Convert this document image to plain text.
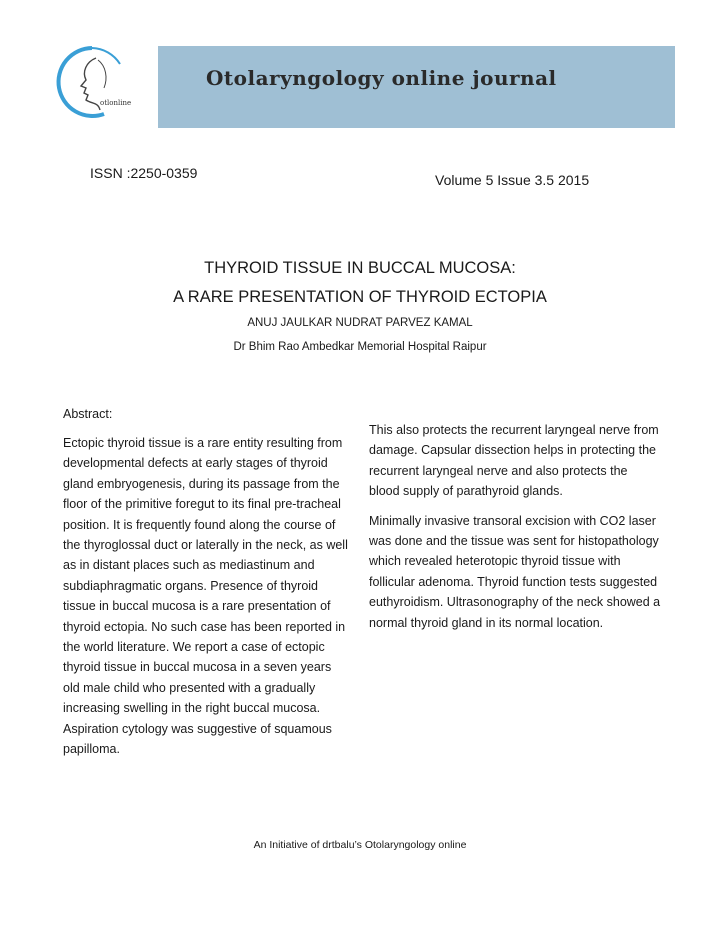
Otolaryngology online journal
otlonline
ISSN :2250-0359	Volume 5 Issue 3.5 2015
THYROID TISSUE IN BUCCAL MUCOSA:
A RARE PRESENTATION OF THYROID ECTOPIA
ANUJ JAULKAR NUDRAT PARVEZ KAMAL
Dr Bhim Rao Ambedkar Memorial Hospital Raipur
Abstract:

Ectopic thyroid tissue is a rare entity resulting from developmental defects at early stages of thyroid gland embryogenesis, during its passage from the floor of the primitive foregut to its final pre-tracheal position. It is frequently found along the course of the thyroglossal duct or laterally in the neck, as well as in distant places such as mediastinum and subdiaphragmatic organs. Presence of thyroid tissue in buccal mucosa is a rare presentation of thyroid ectopia. No such case has been reported in the world literature. We report a case of ectopic thyroid tissue in buccal mucosa in a seven years old male child who presented with a gradually increasing swelling in the right buccal mucosa. Aspiration cytology was suggestive of squamous papilloma.

This also protects the recurrent laryngeal nerve from damage. Capsular dissection helps in protecting the recurrent laryngeal nerve and also protects the blood supply of parathyroid glands.

Minimally invasive transoral excision with CO2 laser was done and the tissue was sent for histopathology which revealed heterotopic thyroid tissue with follicular adenoma. Thyroid function tests suggested euthyroidism. Ultrasonography of the neck showed a normal thyroid gland in its normal location.

An Initiative of drtbalu’s Otolaryngology online
